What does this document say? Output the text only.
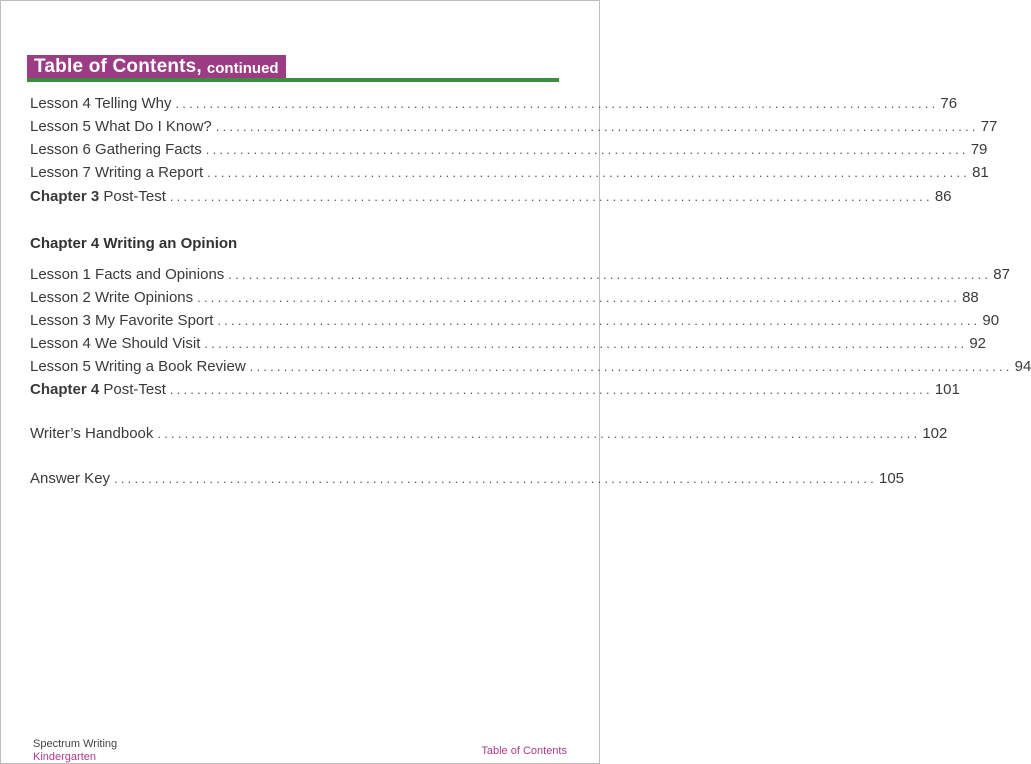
Table of Contents, continued
Lesson 4 Telling Why ................................................................................................................ 76
Lesson 5 What Do I Know? ................................................................................................................ 77
Lesson 6 Gathering Facts ................................................................................................................ 79
Lesson 7 Writing a Report ................................................................................................................ 81
Chapter 3 Post-Test ................................................................................................................ 86
Chapter 4 Writing an Opinion
Lesson 1 Facts and Opinions ................................................................................................................ 87
Lesson 2 Write Opinions ................................................................................................................ 88
Lesson 3 My Favorite Sport ................................................................................................................ 90
Lesson 4 We Should Visit ................................................................................................................ 92
Lesson 5 Writing a Book Review ................................................................................................................ 94
Chapter 4 Post-Test ................................................................................................................ 101
Writer’s Handbook ................................................................................................................ 102
Answer Key ................................................................................................................ 105
Spectrum Writing
Kindergarten	Table of Contents
